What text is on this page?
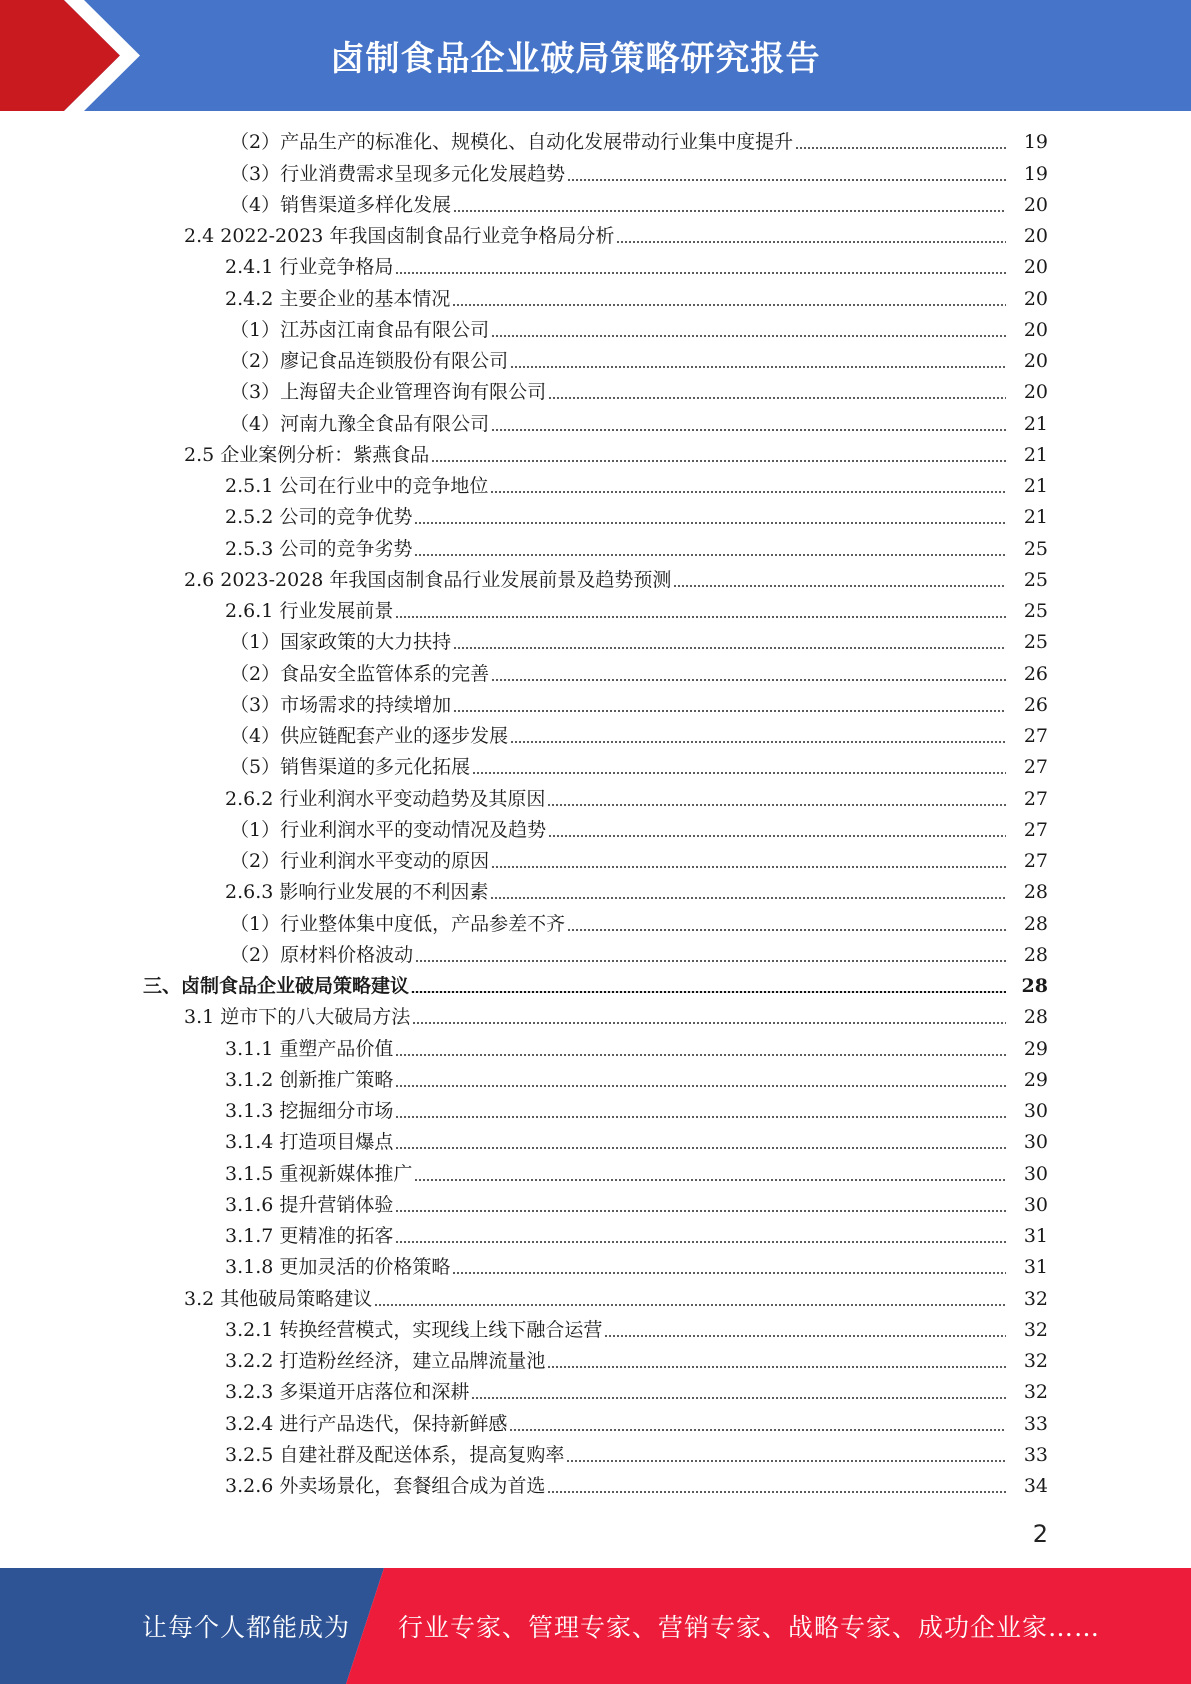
卤制食品企业破局策略研究报告
（2）产品生产的标准化、规模化、自动化发展带动行业集中度提升	19
（3）行业消费需求呈现多元化发展趋势	19
（4）销售渠道多样化发展	20
2.4 2022-2023 年我国卤制食品行业竞争格局分析	20
2.4.1 行业竞争格局	20
2.4.2 主要企业的基本情况	20
（1）江苏卤江南食品有限公司	20
（2）廖记食品连锁股份有限公司	20
（3）上海留夫企业管理咨询有限公司	20
（4）河南九豫全食品有限公司	21
2.5 企业案例分析：紫燕食品	21
2.5.1 公司在行业中的竞争地位	21
2.5.2 公司的竞争优势	21
2.5.3 公司的竞争劣势	25
2.6 2023-2028 年我国卤制食品行业发展前景及趋势预测	25
2.6.1 行业发展前景	25
（1）国家政策的大力扶持	25
（2）食品安全监管体系的完善	26
（3）市场需求的持续增加	26
（4）供应链配套产业的逐步发展	27
（5）销售渠道的多元化拓展	27
2.6.2 行业利润水平变动趋势及其原因	27
（1）行业利润水平的变动情况及趋势	27
（2）行业利润水平变动的原因	27
2.6.3 影响行业发展的不利因素	28
（1）行业整体集中度低，产品参差不齐	28
（2）原材料价格波动	28
三、卤制食品企业破局策略建议	28
3.1 逆市下的八大破局方法	28
3.1.1 重塑产品价值	29
3.1.2 创新推广策略	29
3.1.3 挖掘细分市场	30
3.1.4 打造项目爆点	30
3.1.5 重视新媒体推广	30
3.1.6 提升营销体验	30
3.1.7 更精准的拓客	31
3.1.8 更加灵活的价格策略	31
3.2 其他破局策略建议	32
3.2.1 转换经营模式，实现线上线下融合运营	32
3.2.2 打造粉丝经济，建立品牌流量池	32
3.2.3 多渠道开店落位和深耕	32
3.2.4 进行产品迭代，保持新鲜感	33
3.2.5 自建社群及配送体系，提高复购率	33
3.2.6 外卖场景化，套餐组合成为首选	34
2
让每个人都能成为 行业专家、管理专家、营销专家、战略专家、成功企业家……
